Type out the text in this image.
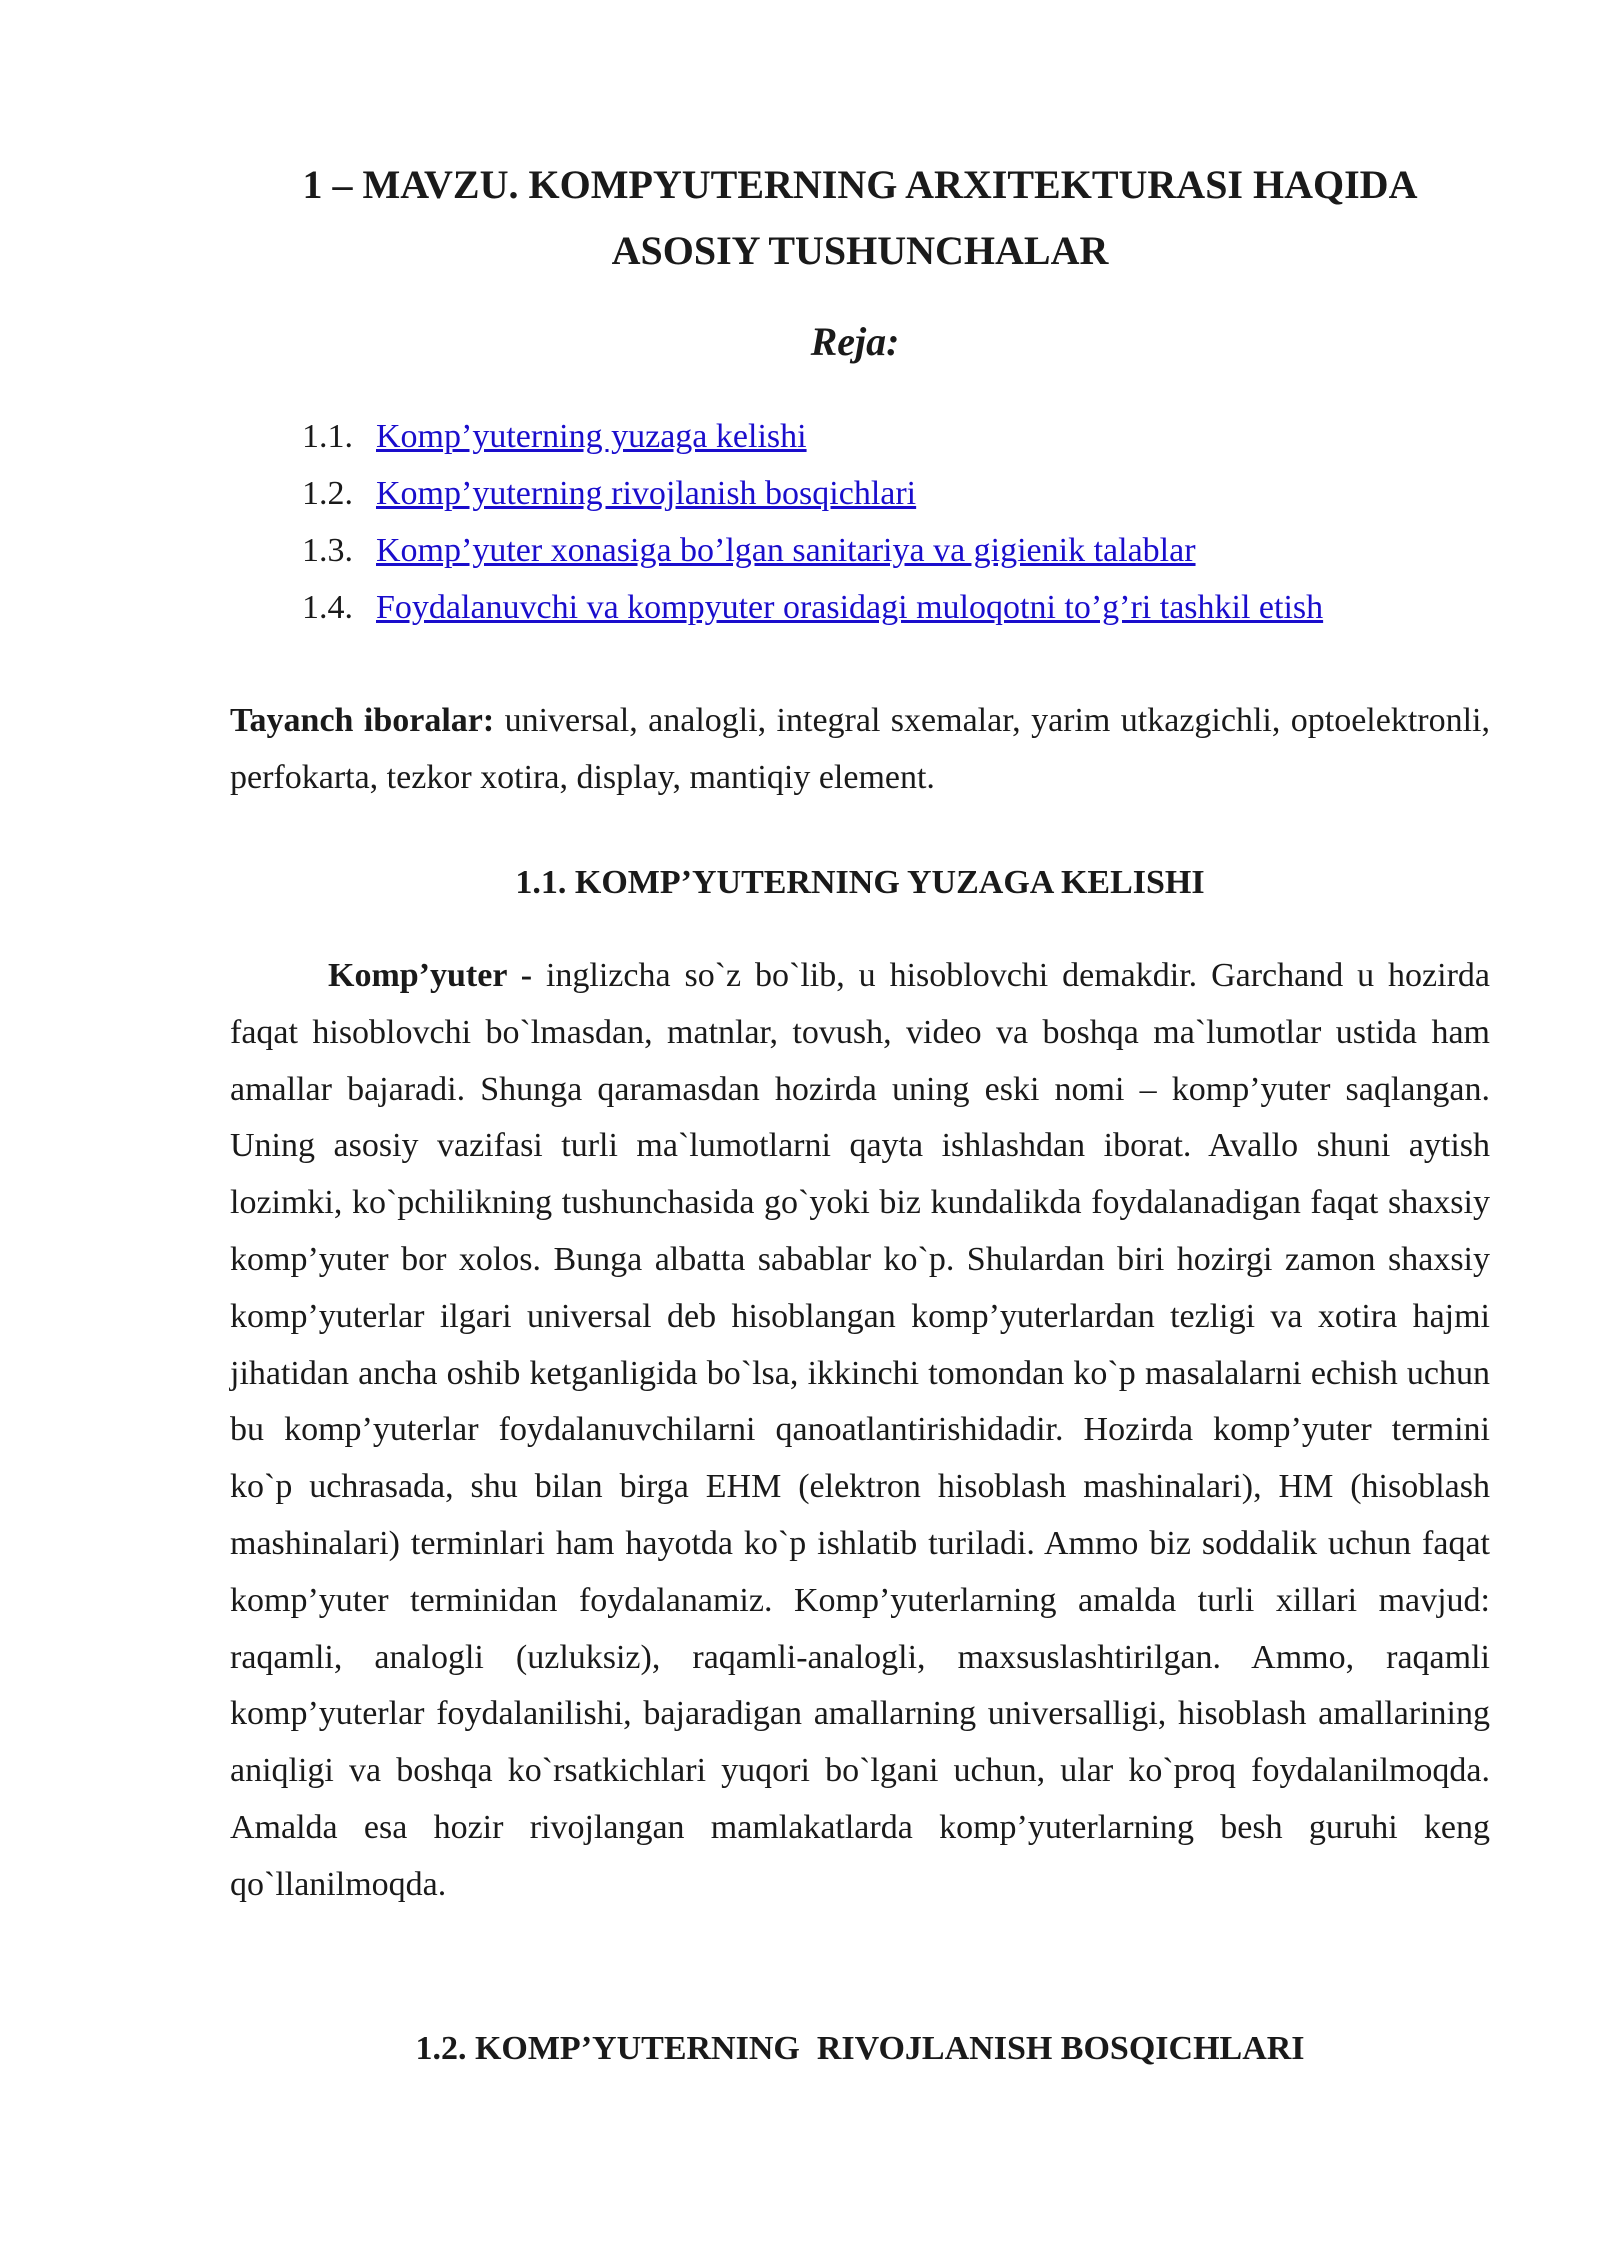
1 – MAVZU. KOMPYUTERNING ARXITEKTURASI HAQIDA
ASOSIY TUSHUNCHALAR

Reja:

1.1. Komp’yuterning yuzaga kelishi
1.2. Komp’yuterning rivojlanish bosqichlari
1.3. Komp’yuter xonasiga bo’lgan sanitariya va gigienik talablar
1.4. Foydalanuvchi va kompyuter orasidagi muloqotni to’g’ri tashkil etish

Tayanch iboralar: universal, analogli, integral sxemalar, yarim utkazgichli, optoelektronli, perfokarta, tezkor xotira, display, mantiqiy element.

1.1. KOMP’YUTERNING YUZAGA KELISHI

Komp’yuter - inglizcha so`z bo`lib, u hisoblovchi demakdir. Garchand u hozirda faqat hisoblovchi bo`lmasdan, matnlar, tovush, video va boshqa ma`lumotlar ustida ham amallar bajaradi. Shunga qaramasdan hozirda uning eski nomi – komp’yuter saqlangan. Uning asosiy vazifasi turli ma`lumotlarni qayta ishlashdan iborat. Avallo shuni aytish lozimki, ko`pchilikning tushunchasida go`yoki biz kundalikda foydalanadigan faqat shaxsiy komp’yuter bor xolos. Bunga albatta sabablar ko`p. Shulardan biri hozirgi zamon shaxsiy komp’yuterlar ilgari universal deb hisoblangan komp’yuterlardan tezligi va xotira hajmi jihatidan ancha oshib ketganligida bo`lsa, ikkinchi tomondan ko`p masalalarni echish uchun bu komp’yuterlar foydalanuvchilarni qanoatlantirishidadir. Hozirda komp’yuter termini ko`p uchrasada, shu bilan birga EHM (elektron hisoblash mashinalari), HM (hisoblash mashinalari) terminlari ham hayotda ko`p ishlatib turiladi. Ammo biz soddalik uchun faqat komp’yuter terminidan foydalanamiz. Komp’yuterlarning amalda turli xillari mavjud: raqamli, analogli (uzluksiz), raqamli-analogli, maxsuslashtirilgan. Ammo, raqamli komp’yuterlar foydalanilishi, bajaradigan amallarning universalligi, hisoblash amallarining aniqligi va boshqa ko`rsatkichlari yuqori bo`lgani uchun, ular ko`proq foydalanilmoqda. Amalda esa hozir rivojlangan mamlakatlarda komp’yuterlarning besh guruhi keng qo`llanilmoqda.

1.2. KOMP’YUTERNING  RIVOJLANISH BOSQICHLARI
